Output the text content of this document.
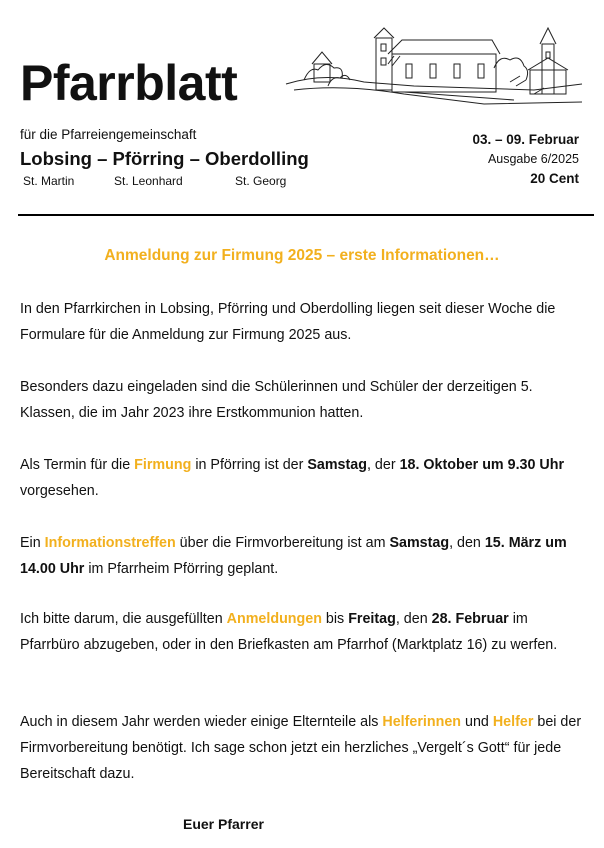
Pfarrblatt
für die Pfarreiengemeinschaft
Lobsing – Pförring – Oberdolling
St. Martin	St. Leonhard	St. Georg
03. – 09. Februar
Ausgabe 6/2025
20 Cent
Anmeldung zur Firmung 2025 – erste Informationen…
In den Pfarrkirchen in Lobsing, Pförring und Oberdolling liegen seit dieser Woche die Formulare für die Anmeldung zur Firmung 2025 aus.
Besonders dazu eingeladen sind die Schülerinnen und Schüler der derzeitigen 5. Klassen, die im Jahr 2023 ihre Erstkommunion hatten.
Als Termin für die Firmung in Pförring ist der Samstag, der 18. Oktober um 9.30 Uhr vorgesehen.
Ein Informationstreffen über die Firmvorbereitung ist am Samstag, den 15. März um 14.00 Uhr im Pfarrheim Pförring geplant.
Ich bitte darum, die ausgefüllten Anmeldungen bis Freitag, den 28. Februar im Pfarrbüro abzugeben, oder in den Briefkasten am Pfarrhof (Marktplatz 16) zu werfen.
Auch in diesem Jahr werden wieder einige Elternteile als Helferinnen und Helfer bei der Firmvorbereitung benötigt. Ich sage schon jetzt ein herzliches „Vergelt´s Gott“ für jede Bereitschaft dazu.
Euer Pfarrer
